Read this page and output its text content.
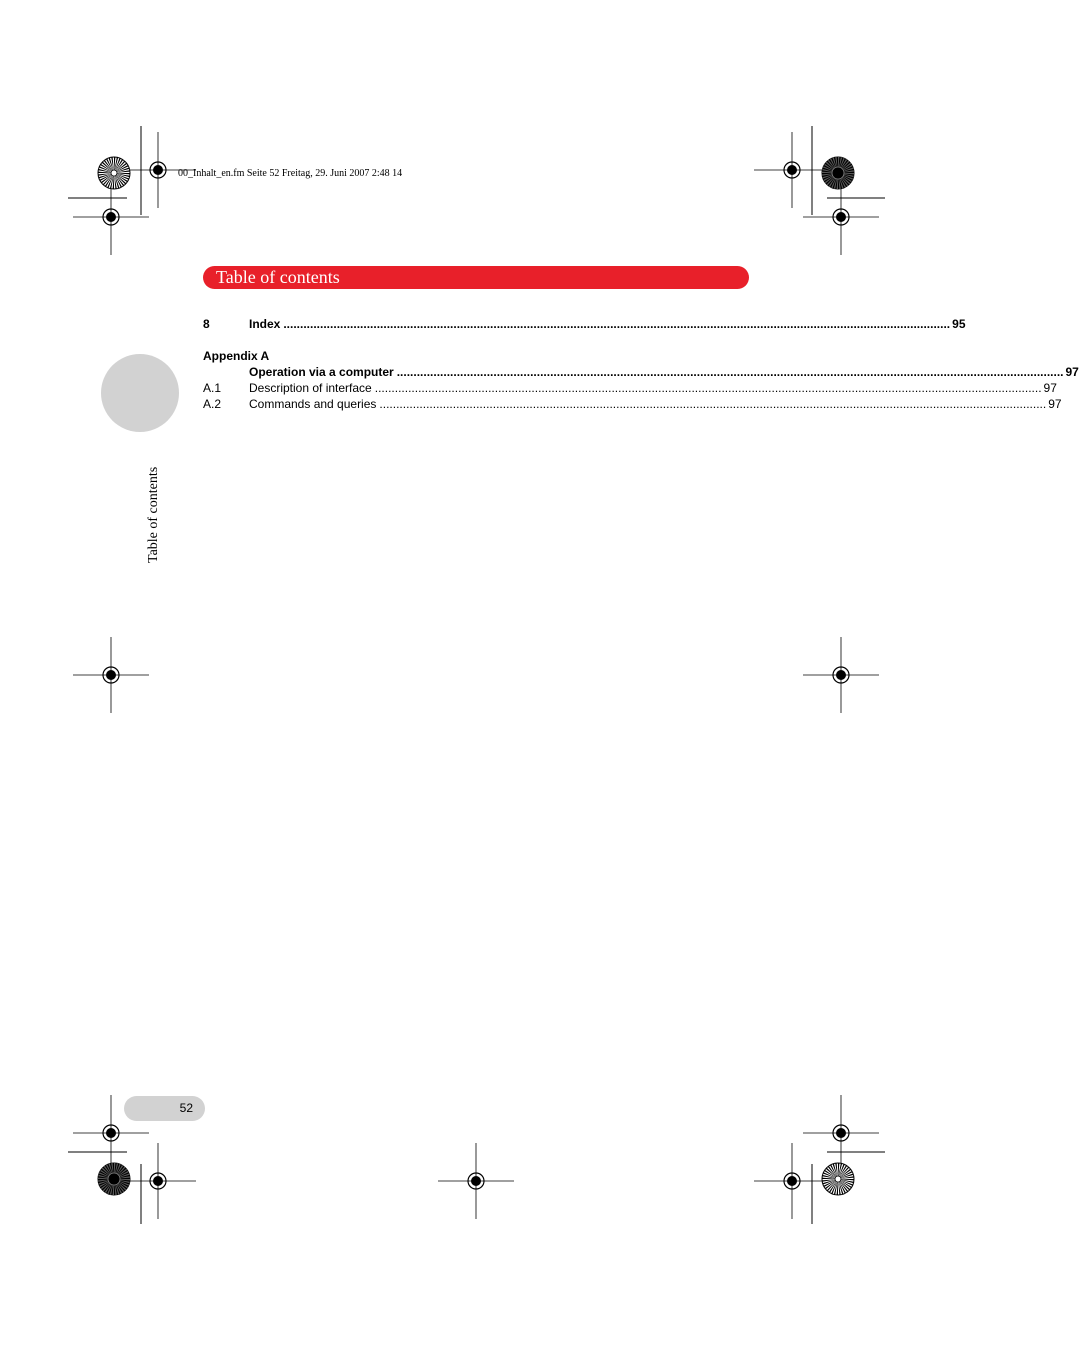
00_Inhalt_en.fm Seite 52 Freitag, 29. Juni 2007 2:48 14
Table of contents
Table of contents
8	Index ........................................................................................................................................................................................................ 95
Appendix A
Operation via a computer ........................................................................................................................................................................................................ 97
A.1 Description of interface ........................................................................................................................................................................................................ 97
A.2 Commands and queries ........................................................................................................................................................................................................ 97
52
